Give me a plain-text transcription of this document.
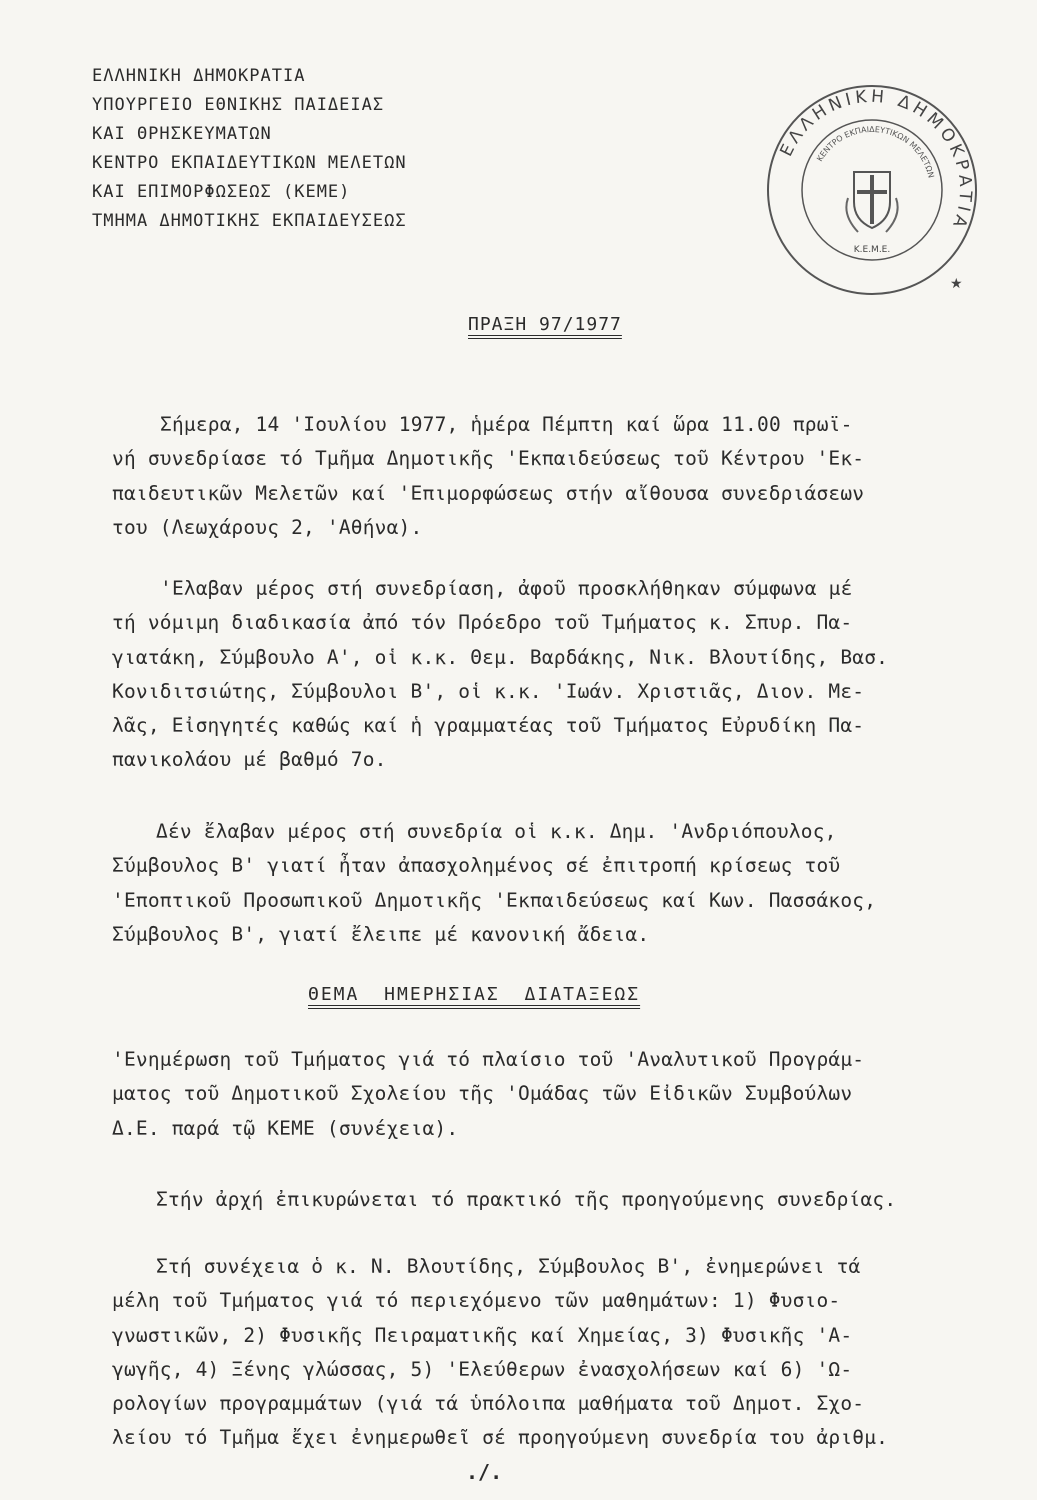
ΕΛΛΗΝΙΚΗ ΔΗΜΟΚΡΑΤΙΑ
ΥΠΟΥΡΓΕΙΟ ΕΘΝΙΚΗΣ ΠΑΙΔΕΙΑΣ
ΚΑΙ ΘΡΗΣΚΕΥΜΑΤΩΝ
ΚΕΝΤΡΟ ΕΚΠΑΙΔΕΥΤΙΚΩΝ ΜΕΛΕΤΩΝ
ΚΑΙ ΕΠΙΜΟΡΦΩΣΕΩΣ (ΚΕΜΕ)
ΤΜΗΜΑ ΔΗΜΟΤΙΚΗΣ ΕΚΠΑΙΔΕΥΣΕΩΣ
ΕΛΛΗΝΙΚΗ ΔΗΜΟΚΡΑΤΙΑ
ΚΕΝΤΡΟ ΕΚΠΑΙΔΕΥΤΙΚΩΝ ΜΕΛΕΤΩΝ
Κ.Ε.Μ.Ε.
★
ΠΡΑΞΗ 97/1977
Σήμερα, 14 'Ιουλίου 1977, ἡμέρα Πέμπτη καί ὥρα 11.00 πρωϊ-
νή συνεδρίασε τό Τμῆμα Δημοτικῆς 'Εκπαιδεύσεως τοῦ Κέντρου 'Εκ-
παιδευτικῶν Μελετῶν καί 'Επιμορφώσεως στήν αἴθουσα συνεδριάσεων
του (Λεωχάρους 2, 'Αθήνα).
'Ελαβαν μέρος στή συνεδρίαση, ἀφοῦ προσκλήθηκαν σύμφωνα μέ
τή νόμιμη διαδικασία ἀπό τόν Πρόεδρο τοῦ Τμήματος κ. Σπυρ. Πα-
γιατάκη, Σύμβουλο Α', οἱ κ.κ. Θεμ. Βαρδάκης, Νικ. Βλουτίδης, Βασ.
Κονιδιτσιώτης, Σύμβουλοι Β', οἱ κ.κ. 'Ιωάν. Χριστιᾶς, Διον. Με-
λᾶς, Εἰσηγητές καθώς καί ἡ γραμματέας τοῦ Τμήματος Εὐρυδίκη Πα-
πανικολάου μέ βαθμό 7ο.
Δέν ἔλαβαν μέρος στή συνεδρία οἱ κ.κ. Δημ. 'Ανδριόπουλος,
Σύμβουλος Β' γιατί ἦταν ἀπασχολημένος σέ ἐπιτροπή κρίσεως τοῦ
'Εποπτικοῦ Προσωπικοῦ Δημοτικῆς 'Εκπαιδεύσεως καί Κων. Πασσάκος,
Σύμβουλος Β', γιατί ἔλειπε μέ κανονική ἄδεια.
ΘΕΜΑ ΗΜΕΡΗΣΙΑΣ ΔΙΑΤΑΞΕΩΣ
'Ενημέρωση τοῦ Τμήματος γιά τό πλαίσιο τοῦ 'Αναλυτικοῦ Προγράμ-
ματος τοῦ Δημοτικοῦ Σχολείου τῆς 'Ομάδας τῶν Εἰδικῶν Συμβούλων
Δ.Ε. παρά τῷ ΚΕΜΕ (συνέχεια).
Στήν ἀρχή ἐπικυρώνεται τό πρακτικό τῆς προηγούμενης συνεδρίας.
Στή συνέχεια ὁ κ. Ν. Βλουτίδης, Σύμβουλος Β', ἐνημερώνει τά
μέλη τοῦ Τμήματος γιά τό περιεχόμενο τῶν μαθημάτων: 1) Φυσιο-
γνωστικῶν, 2) Φυσικῆς Πειραματικῆς καί Χημείας, 3) Φυσικῆς 'Α-
γωγῆς, 4) Ξένης γλώσσας, 5) 'Ελεύθερων ἐνασχολήσεων καί 6) 'Ω-
ρολογίων προγραμμάτων (γιά τά ὑπόλοιπα μαθήματα τοῦ Δημοτ. Σχο-
λείου τό Τμῆμα ἔχει ἐνημερωθεῖ σέ προηγούμενη συνεδρία του ἀριθμ.
./.
